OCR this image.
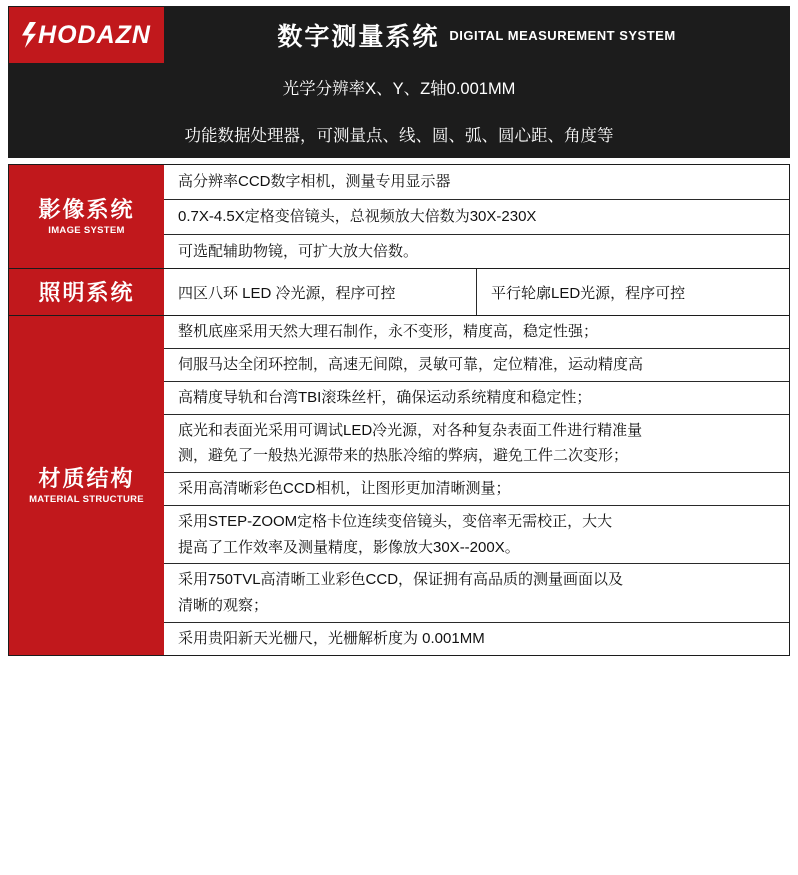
HODAZN	数字测量系统 DIGITAL MEASUREMENT SYSTEM
光学分辨率X、Y、Z轴0.001MM
功能数据处理器，可测量点、线、圆、弧、圆心距、角度等
影像系统
IMAGE SYSTEM
高分辨率CCD数字相机，测量专用显示器
0.7X-4.5X定格变倍镜头，总视频放大倍数为30X-230X
可选配辅助物镜，可扩大放大倍数。
照明系统	四区八环 LED 冷光源，程序可控	平行轮廓LED光源，程序可控
材质结构
MATERIAL STRUCTURE
整机底座采用天然大理石制作，永不变形，精度高，稳定性强；
伺服马达全闭环控制，高速无间隙，灵敏可靠，定位精准，运动精度高
高精度导轨和台湾TBI滚珠丝杆，确保运动系统精度和稳定性；
底光和表面光采用可调试LED冷光源，对各种复杂表面工件进行精准量
测，避免了一般热光源带来的热胀冷缩的弊病，避免工件二次变形；
采用高清晰彩色CCD相机，让图形更加清晰测量；
采用STEP-ZOOM定格卡位连续变倍镜头，变倍率无需校正，大大
提高了工作效率及测量精度，影像放大30X--200X。
采用750TVL高清晰工业彩色CCD，保证拥有高品质的测量画面以及
清晰的观察；
采用贵阳新天光栅尺，光栅解析度为 0.001MM
